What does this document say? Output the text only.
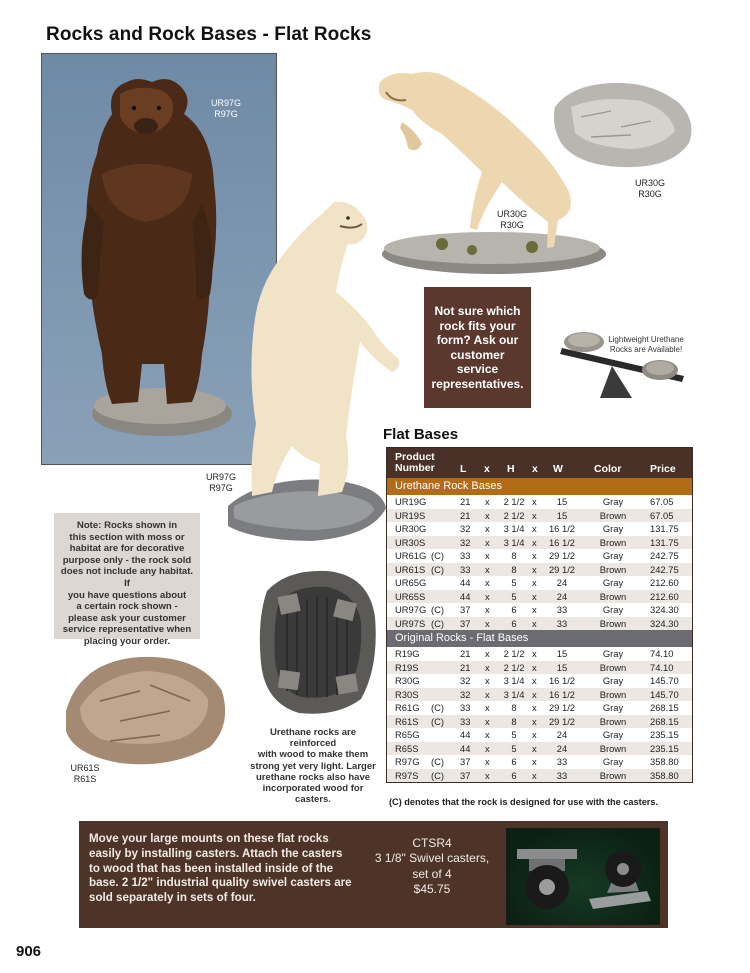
Rocks and Rock Bases - Flat Rocks
UR97G
R97G
UR30G
R30G
UR30G
R30G
UR97G
R97G
Not sure which
rock fits your
form? Ask our
customer
service
representatives.
Lightweight Urethane
Rocks are Available!
Flat Bases
Product
Number L x H x W	Color	Price
Urethane Rock Bases
UR19G	21 x	2 1/2 x	15	Gray	67.05
UR19S	21 x	2 1/2 x	15	Brown	67.05
UR30G	32 x	3 1/4 x	16 1/2	Gray	131.75
UR30S	32 x	3 1/4 x	16 1/2	Brown	131.75
UR61G (C) 33 x	8	x	29 1/2	Gray	242.75
UR61S (C) 33 x	8	x	29 1/2	Brown	242.75
UR65G	44 x	5	x	24	Gray	212.60
UR65S	44 x	5	x	24	Brown	212.60
UR97G (C) 37 x	6	x	33	Gray	324.30
UR97S (C) 37 x	6	x	33	Brown	324.30
Original Rocks - Flat Bases
R19G	21 x	2 1/2 x	15	Gray	74.10
R19S	21 x	2 1/2 x	15	Brown	74.10
R30G	32 x	3 1/4 x	16 1/2	Gray	145.70
R30S	32 x	3 1/4 x	16 1/2	Brown	145.70
R61G (C) 33 x	8	x	29 1/2	Gray	268.15
R61S (C) 33 x	8	x	29 1/2	Brown	268.15
R65G	44 x	5	x	24	Gray	235.15
R65S	44 x	5	x	24	Brown	235.15
R97G (C) 37 x	6	x	33	Gray	358.80
R97S (C) 37 x	6	x	33	Brown	358.80
(C) denotes that the rock is designed for use with the casters.
Note: Rocks shown in
this section with moss or
habitat are for decorative
purpose only - the rock sold
does not include any habitat. If
you have questions about
a certain rock shown -
please ask your customer
service representative when
placing your order.
UR61S
R61S
Urethane rocks are
reinforced
with wood to make them
strong yet very light. Larger
urethane rocks also have
incorporated wood for
casters.
Move your large mounts on these flat rocks
easily by installing casters. Attach the casters
to wood that has been installed inside of the
base. 2 1/2" industrial quality swivel casters are
sold separately in sets of four.
CTSR4
3 1/8" Swivel casters,
set of 4
$45.75
906
